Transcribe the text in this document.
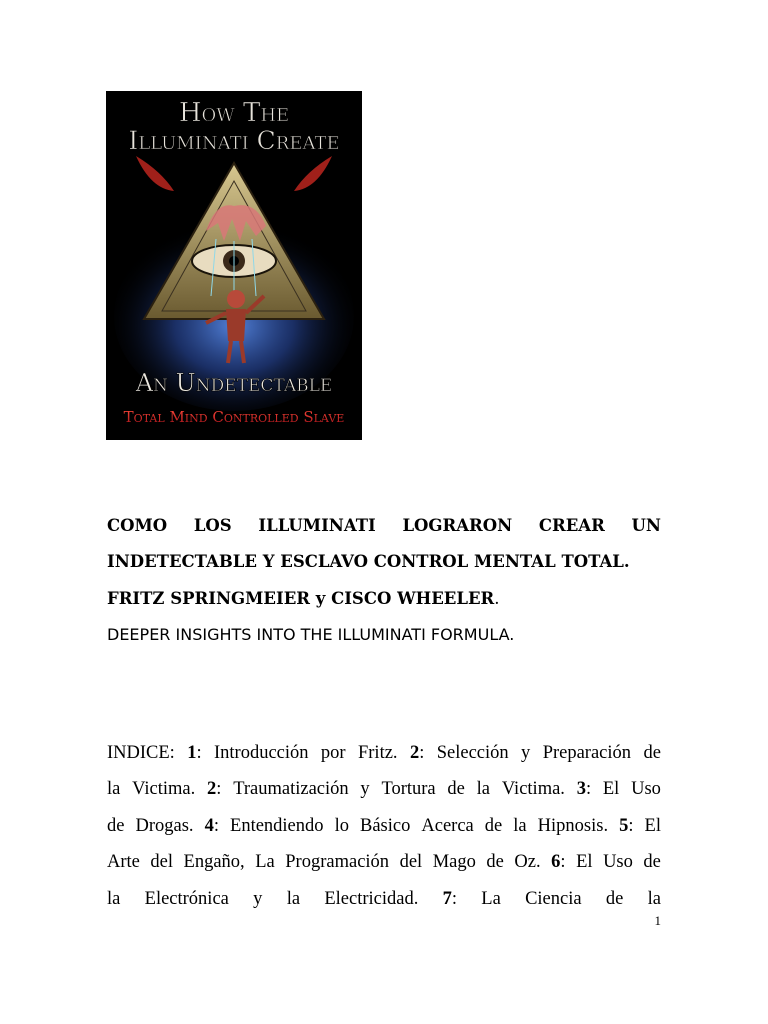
How The
Illuminati Create
An Undetectable
Total Mind Controlled Slave
COMO LOS ILLUMINATI LOGRARON CREAR UN
INDETECTABLE Y ESCLAVO CONTROL MENTAL TOTAL.
FRITZ SPRINGMEIER y CISCO WHEELER.
DEEPER INSIGHTS INTO THE ILLUMINATI FORMULA.
INDICE: 1: Introducción por Fritz. 2: Selección y Preparación de
la Victima. 2: Traumatización y Tortura de la Victima. 3: El Uso
de Drogas. 4: Entendiendo lo Básico Acerca de la Hipnosis. 5: El
Arte del Engaño, La Programación del Mago de Oz. 6: El Uso de
la Electrónica y la Electricidad. 7: La Ciencia de la
1
